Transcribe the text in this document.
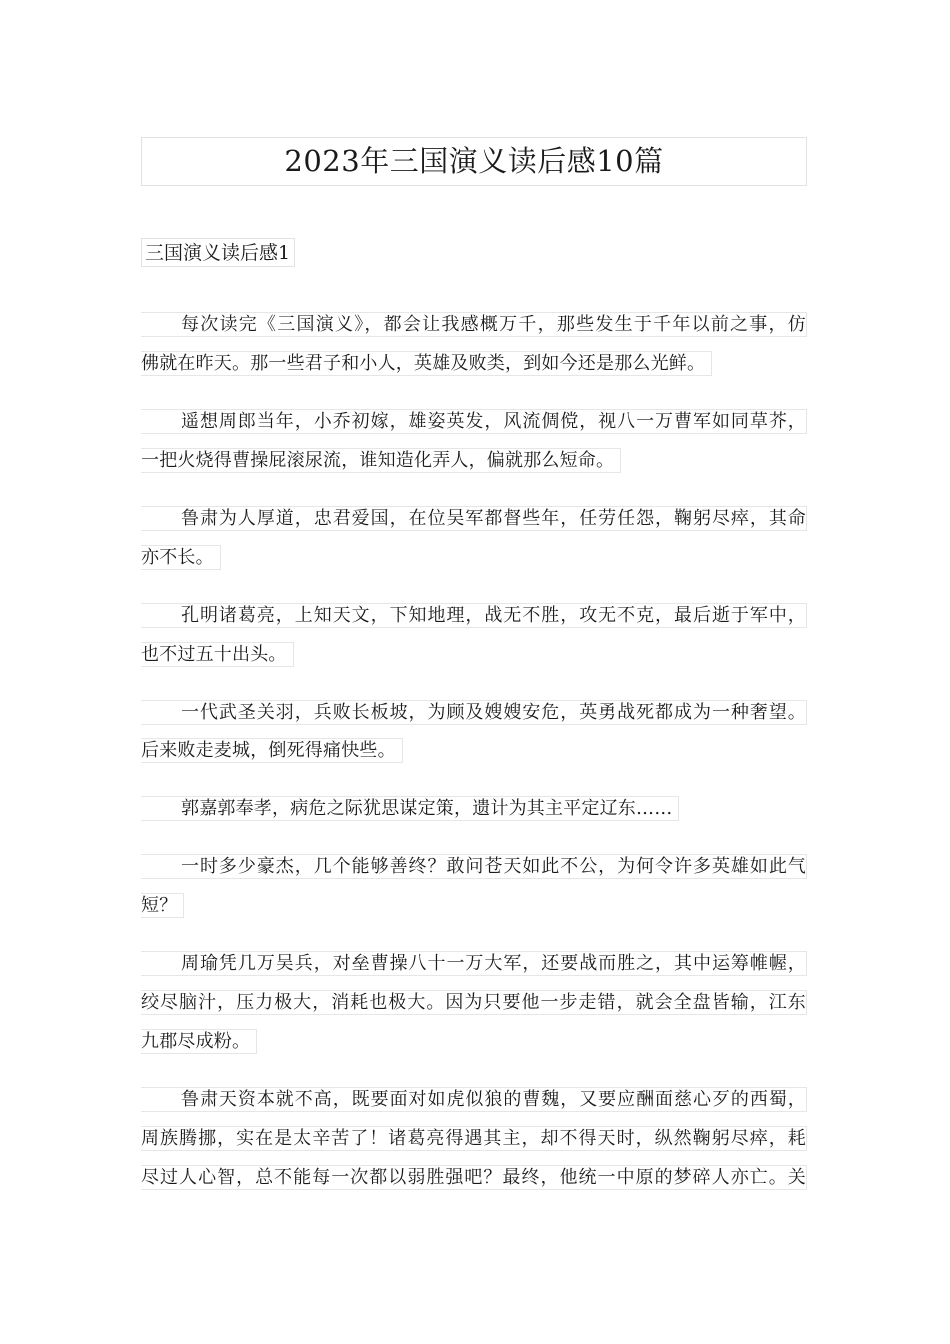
2023年三国演义读后感10篇
三国演义读后感1
每次读完《三国演义》，都会让我感概万千，那些发生于千年以前之事，仿
佛就在昨天。那一些君子和小人，英雄及败类，到如今还是那么光鲜。
遥想周郎当年，小乔初嫁，雄姿英发，风流倜傥，视八一万曹军如同草芥，
一把火烧得曹操屁滚尿流，谁知造化弄人，偏就那么短命。
鲁肃为人厚道，忠君爱国，在位吴军都督些年，任劳任怨，鞠躬尽瘁，其命
亦不长。
孔明诸葛亮，上知天文，下知地理，战无不胜，攻无不克，最后逝于军中，
也不过五十出头。
一代武圣关羽，兵败长板坡，为顾及嫂嫂安危，英勇战死都成为一种奢望。
后来败走麦城，倒死得痛快些。
郭嘉郭奉孝，病危之际犹思谋定策，遗计为其主平定辽东……
一时多少豪杰，几个能够善终？敢问苍天如此不公，为何令许多英雄如此气
短？
周瑜凭几万吴兵，对垒曹操八十一万大军，还要战而胜之，其中运筹帷幄，
绞尽脑汁，压力极大，消耗也极大。因为只要他一步走错，就会全盘皆输，江东
九郡尽成粉。
鲁肃天资本就不高，既要面对如虎似狼的曹魏，又要应酬面慈心歹的西蜀，
周族腾挪，实在是太辛苦了！诸葛亮得遇其主，却不得天时，纵然鞠躬尽瘁，耗
尽过人心智，总不能每一次都以弱胜强吧？最终，他统一中原的梦碎人亦亡。关
